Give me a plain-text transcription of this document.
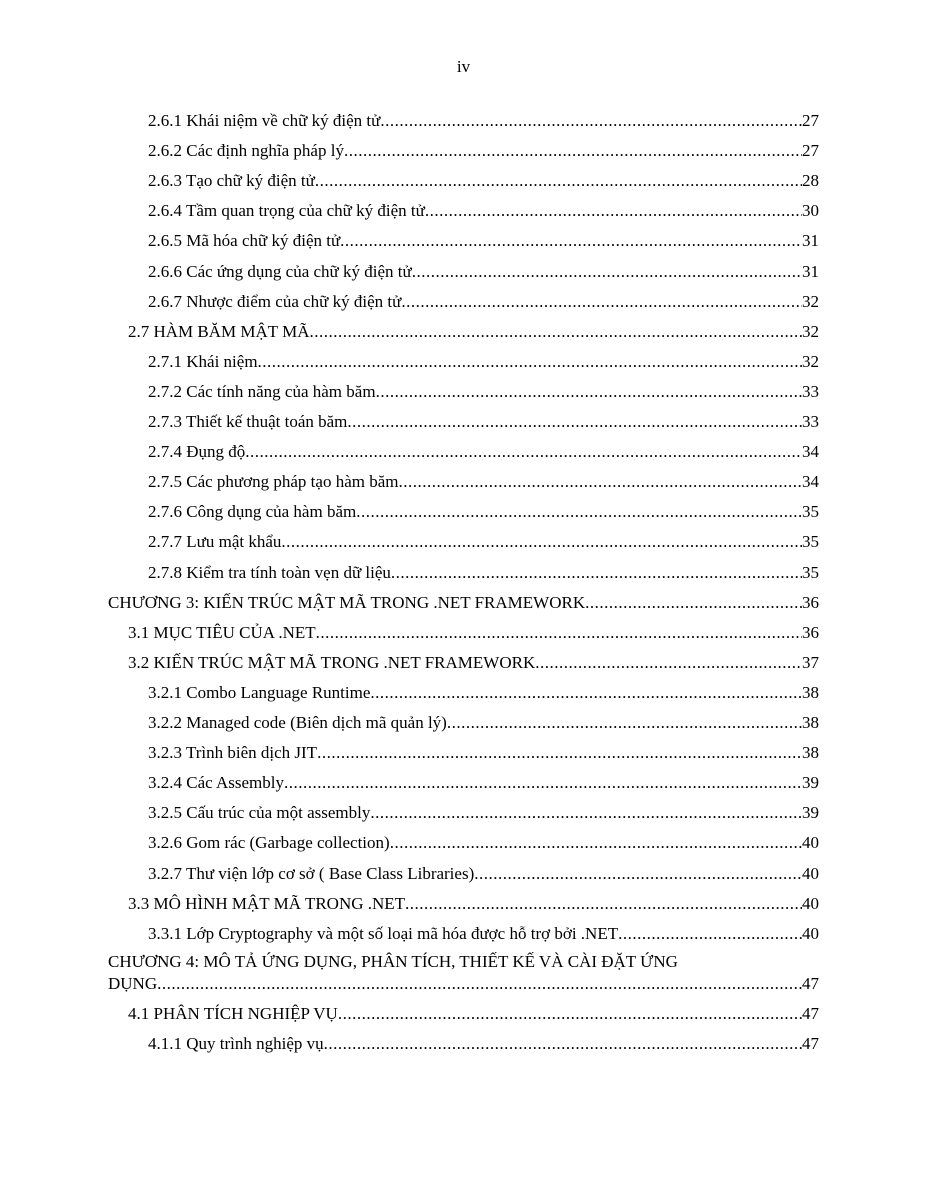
iv
2.6.1 Khái niệm về chữ ký điện tử .....	27
2.6.2 Các định nghĩa pháp lý .....	27
2.6.3 Tạo chữ ký điện tử .....	28
2.6.4 Tầm quan trọng của chữ ký điện tử .....	30
2.6.5 Mã hóa chữ ký điện tử .....	31
2.6.6 Các ứng dụng của chữ ký điện tử .....	31
2.6.7 Nhược điểm của chữ ký điện tử .....	32
2.7 HÀM BĂM MẬT MÃ .....	32
2.7.1 Khái niệm .....	32
2.7.2 Các tính năng của hàm băm .....	33
2.7.3 Thiết kế thuật toán băm .....	33
2.7.4 Đụng độ .....	34
2.7.5 Các phương pháp tạo hàm băm .....	34
2.7.6 Công dụng của hàm băm .....	35
2.7.7 Lưu mật khẩu .....	35
2.7.8 Kiểm tra tính toàn vẹn dữ liệu .....	35
CHƯƠNG 3: KIẾN TRÚC MẬT MÃ TRONG .NET FRAMEWORK .....	36
3.1 MỤC TIÊU CỦA .NET .....	36
3.2 KIẾN TRÚC MẬT MÃ TRONG .NET FRAMEWORK .....	37
3.2.1 Combo Language Runtime .....	38
3.2.2 Managed code (Biên dịch mã quản lý) .....	38
3.2.3 Trình biên dịch JIT .....	38
3.2.4 Các Assembly .....	39
3.2.5 Cấu trúc của một assembly .....	39
3.2.6 Gom rác (Garbage collection) .....	40
3.2.7 Thư viện lớp cơ sở ( Base Class Libraries) .....	40
3.3 MÔ HÌNH MẬT MÃ TRONG .NET .....	40
3.3.1 Lớp Cryptography và một số loại mã hóa được hỗ trợ bởi .NET .....	40
CHƯƠNG 4: MÔ TẢ ỨNG DỤNG, PHÂN TÍCH, THIẾT KẾ VÀ CÀI ĐẶT ỨNG
DỤNG .....	47
4.1 PHÂN TÍCH NGHIỆP VỤ .....	47
4.1.1 Quy trình nghiệp vụ .....	47
